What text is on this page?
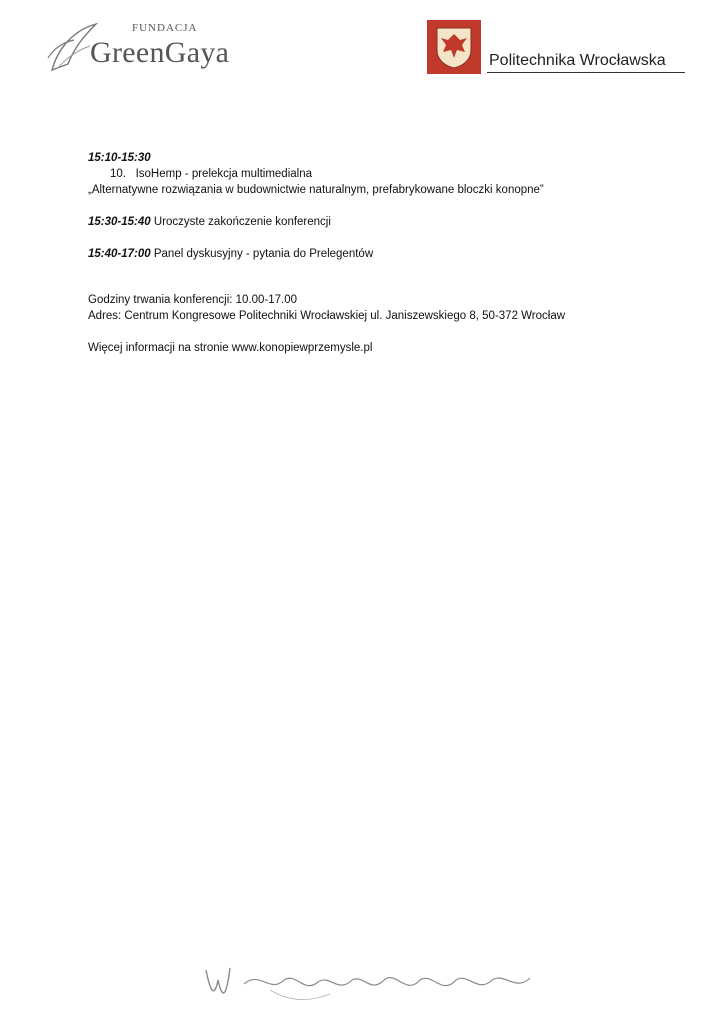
FUNDACJA
GreenGaya	Politechnika Wrocławska
15:10-15:30
10. IsoHemp - prelekcja multimedialna
„Alternatywne rozwiązania w budownictwie naturalnym, prefabrykowane bloczki konopne”
15:30-15:40 Uroczyste zakończenie konferencji
15:40-17:00 Panel dyskusyjny - pytania do Prelegentów
Godziny trwania konferencji: 10.00-17.00
Adres: Centrum Kongresowe Politechniki Wrocławskiej ul. Janiszewskiego 8, 50-372 Wrocław
Więcej informacji na stronie www.konopiewprzemysle.pl
